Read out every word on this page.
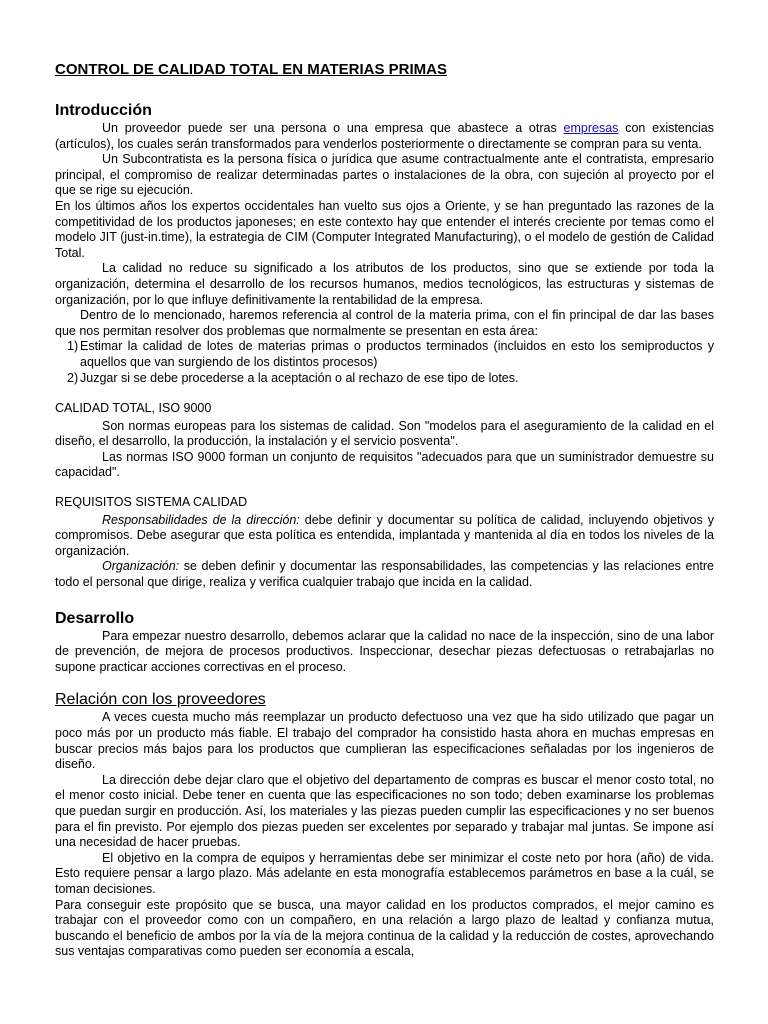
CONTROL DE CALIDAD TOTAL EN MATERIAS PRIMAS

Introducción

Un proveedor puede ser una persona o una empresa que abastece a otras empresas con existencias (artículos), los cuales serán transformados para venderlos posteriormente o directamente se compran para su venta.

Un Subcontratista es la persona física o jurídica que asume contractualmente ante el contratista, empresario principal, el compromiso de realizar determinadas partes o instalaciones de la obra, con sujeción al proyecto por el que se rige su ejecución.

En los últimos años los expertos occidentales han vuelto sus ojos a Oriente, y se han preguntado las razones de la competitividad de los productos japoneses; en este contexto hay que entender el interés creciente por temas como el modelo JIT (just-in.time), la estrategia de CIM (Computer Integrated Manufacturing), o el modelo de gestión de Calidad Total.

La calidad no reduce su significado a los atributos de los productos, sino que se extiende por toda la organización, determina el desarrollo de los recursos humanos, medios tecnológicos, las estructuras y sistemas de organización, por lo que influye definitivamente la rentabilidad de la empresa.

Dentro de lo mencionado, haremos referencia al control de la materia prima, con el fin principal de dar las bases que nos permitan resolver dos problemas que normalmente se presentan en esta área:

1) Estimar la calidad de lotes de materias primas o productos terminados (incluidos en esto los semiproductos y aquellos que van surgiendo de los distintos procesos)
2) Juzgar si se debe procederse a la aceptación o al rechazo de ese tipo de lotes.
CALIDAD TOTAL, ISO 9000

Son normas europeas para los sistemas de calidad. Son "modelos para el aseguramiento de la calidad en el diseño, el desarrollo, la producción, la instalación y el servicio posventa".

Las normas ISO 9000 forman un conjunto de requisitos "adecuados para que un suministrador demuestre su capacidad".

REQUISITOS SISTEMA CALIDAD

Responsabilidades de la dirección: debe definir y documentar su política de calidad, incluyendo objetivos y compromisos. Debe asegurar que esta política es entendida, implantada y mantenida al día en todos los niveles de la organización.

Organización: se deben definir y documentar las responsabilidades, las competencias y las relaciones entre todo el personal que dirige, realiza y verifica cualquier trabajo que incida en la calidad.

Desarrollo

Para empezar nuestro desarrollo, debemos aclarar que la calidad no nace de la inspección, sino de una labor de prevención, de mejora de procesos productivos. Inspeccionar, desechar piezas defectuosas o retrabajarlas no supone practicar acciones correctivas en el proceso.

Relación con los proveedores

A veces cuesta mucho más reemplazar un producto defectuoso una vez que ha sido utilizado que pagar un poco más por un producto más fiable. El trabajo del comprador ha consistido hasta ahora en muchas empresas en buscar precios más bajos para los productos que cumplieran las especificaciones señaladas por los ingenieros de diseño.

La dirección debe dejar claro que el objetivo del departamento de compras es buscar el menor costo total, no el menor costo inicial. Debe tener en cuenta que las especificaciones no son todo; deben examinarse los problemas que puedan surgir en producción. Así, los materiales y las piezas pueden cumplir las especificaciones y no ser buenos para el fin previsto. Por ejemplo dos piezas pueden ser excelentes por separado y trabajar mal juntas. Se impone así una necesidad de hacer pruebas.

El objetivo en la compra de equipos y herramientas debe ser minimizar el coste neto por hora (año) de vida. Esto requiere pensar a largo plazo. Más adelante en esta monografía establecemos parámetros en base a la cuál, se toman decisiones.

Para conseguir este propósito que se busca, una mayor calidad en los productos comprados, el mejor camino es trabajar con el proveedor como con un compañero, en una relación a largo plazo de lealtad y confianza mutua, buscando el beneficio de ambos por la vía de la mejora continua de la calidad y la reducción de costes, aprovechando sus ventajas comparativas como pueden ser economía a escala,
